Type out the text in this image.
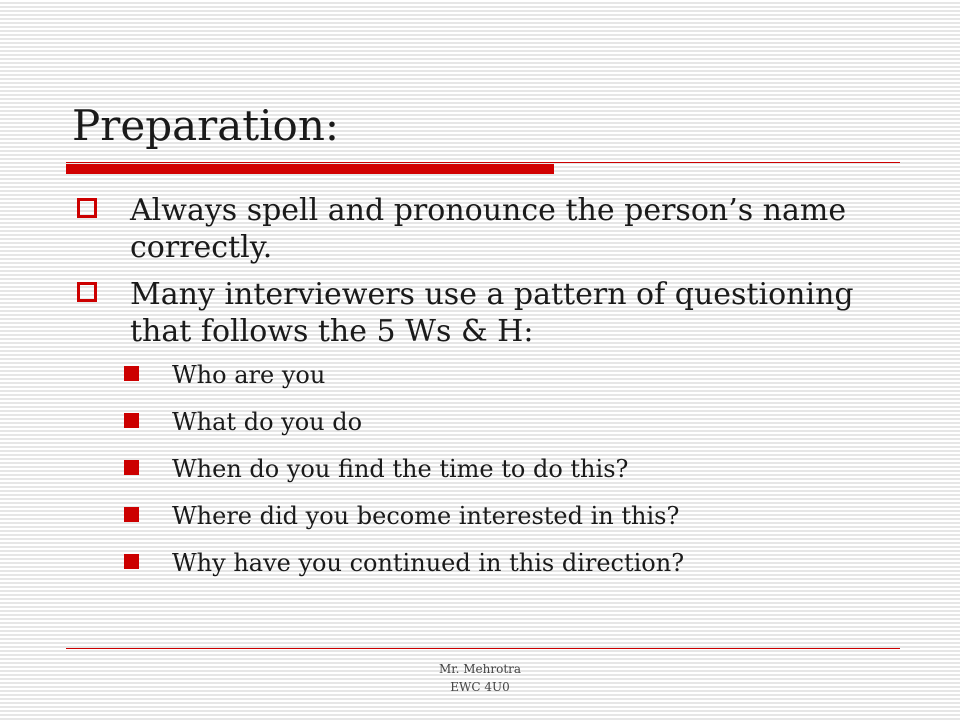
Preparation:
Always spell and pronounce the person’s name correctly.
Many interviewers use a pattern of questioning that follows the 5 Ws & H:
Who are you
What do you do
When do you find the time to do this?
Where did you become interested in this?
Why have you continued in this direction?
Mr. Mehrotra
EWC 4U0
